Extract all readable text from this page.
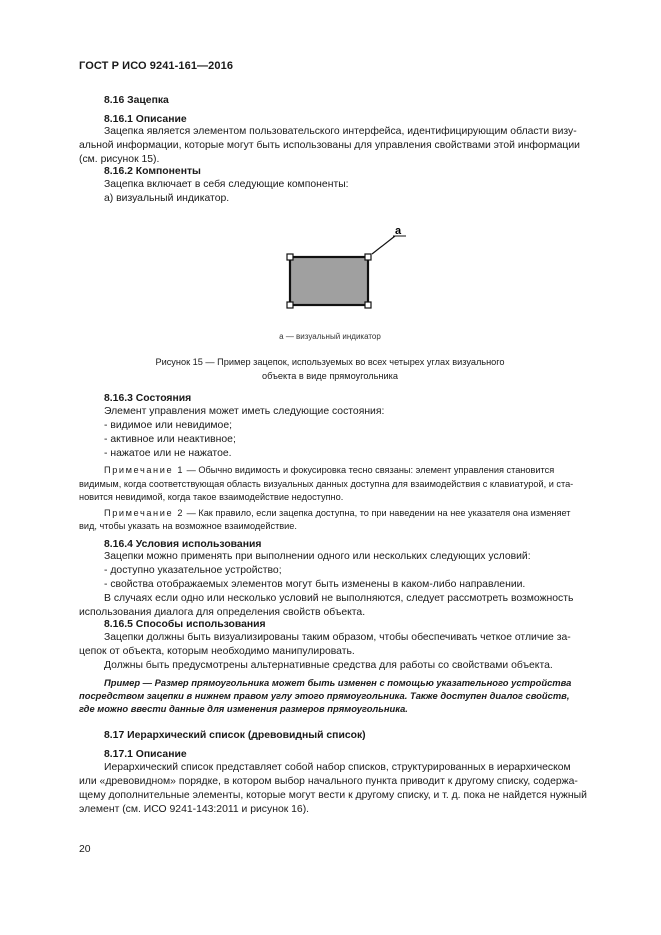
ГОСТ Р ИСО 9241-161—2016
8.16 Зацепка
8.16.1 Описание
Зацепка является элементом пользовательского интерфейса, идентифицирующим области визу-
альной информации, которые могут быть использованы для управления свойствами этой информации
(см. рисунок 15).
8.16.2 Компоненты
Зацепка включает в себя следующие компоненты:
а) визуальный индикатор.
a
a — визуальный индикатор
Рисунок 15 — Пример зацепок, используемых во всех четырех углах визуального
объекта в виде прямоугольника
8.16.3 Состояния
Элемент управления может иметь следующие состояния:
- видимое или невидимое;
- активное или неактивное;
- нажатое или не нажатое.
Примечание 1 — Обычно видимость и фокусировка тесно связаны: элемент управления становится
видимым, когда соответствующая область визуальных данных доступна для взаимодействия с клавиатурой, и ста-
новится невидимой, когда такое взаимодействие недоступно.
Примечание 2 — Как правило, если зацепка доступна, то при наведении на нее указателя она изменяет
вид, чтобы указать на возможное взаимодействие.
8.16.4 Условия использования
Зацепки можно применять при выполнении одного или нескольких следующих условий:
- доступно указательное устройство;
- свойства отображаемых элементов могут быть изменены в каком-либо направлении.
В случаях если одно или несколько условий не выполняются, следует рассмотреть возможность
использования диалога для определения свойств объекта.
8.16.5 Способы использования
Зацепки должны быть визуализированы таким образом, чтобы обеспечивать четкое отличие за-
цепок от объекта, которым необходимо манипулировать.
Должны быть предусмотрены альтернативные средства для работы со свойствами объекта.
Пример — Размер прямоугольника может быть изменен с помощью указательного устройства
посредством зацепки в нижнем правом углу этого прямоугольника. Также доступен диалог свойств,
где можно ввести данные для изменения размеров прямоугольника.
8.17 Иерархический список (древовидный список)
8.17.1 Описание
Иерархический список представляет собой набор списков, структурированных в иерархическом
или «древовидном» порядке, в котором выбор начального пункта приводит к другому списку, содержа-
щему дополнительные элементы, которые могут вести к другому списку, и т. д. пока не найдется нужный
элемент (см. ИСО 9241-143:2011 и рисунок 16).
20
